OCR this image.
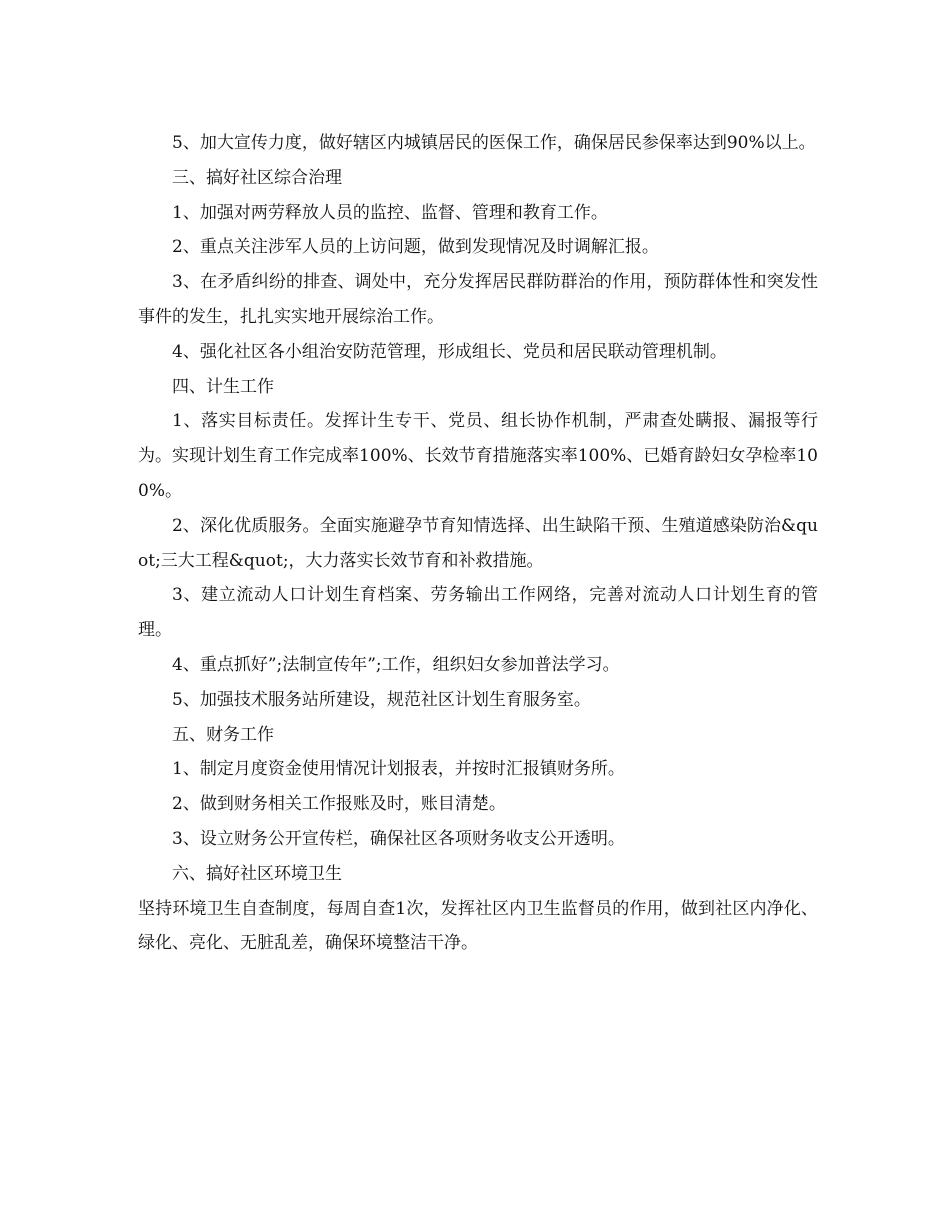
5、加大宣传力度，做好辖区内城镇居民的医保工作，确保居民参保率达到90%以上。

三、搞好社区综合治理

1、加强对两劳释放人员的监控、监督、管理和教育工作。

2、重点关注涉军人员的上访问题，做到发现情况及时调解汇报。

3、在矛盾纠纷的排查、调处中，充分发挥居民群防群治的作用，预防群体性和突发性事件的发生，扎扎实实地开展综治工作。

4、强化社区各小组治安防范管理，形成组长、党员和居民联动管理机制。

四、计生工作

1、落实目标责任。发挥计生专干、党员、组长协作机制，严肃查处瞒报、漏报等行为。实现计划生育工作完成率100%、长效节育措施落实率100%、已婚育龄妇女孕检率100%。

2、深化优质服务。全面实施避孕节育知情选择、出生缺陷干预、生殖道感染防治&quot;三大工程&quot;，大力落实长效节育和补救措施。

3、建立流动人口计划生育档案、劳务输出工作网络，完善对流动人口计划生育的管理。

4、重点抓好”;法制宣传年”;工作，组织妇女参加普法学习。

5、加强技术服务站所建设，规范社区计划生育服务室。

五、财务工作

1、制定月度资金使用情况计划报表，并按时汇报镇财务所。

2、做到财务相关工作报账及时，账目清楚。

3、设立财务公开宣传栏，确保社区各项财务收支公开透明。

六、搞好社区环境卫生

坚持环境卫生自查制度，每周自查1次，发挥社区内卫生监督员的作用，做到社区内净化、绿化、亮化、无脏乱差，确保环境整洁干净。
